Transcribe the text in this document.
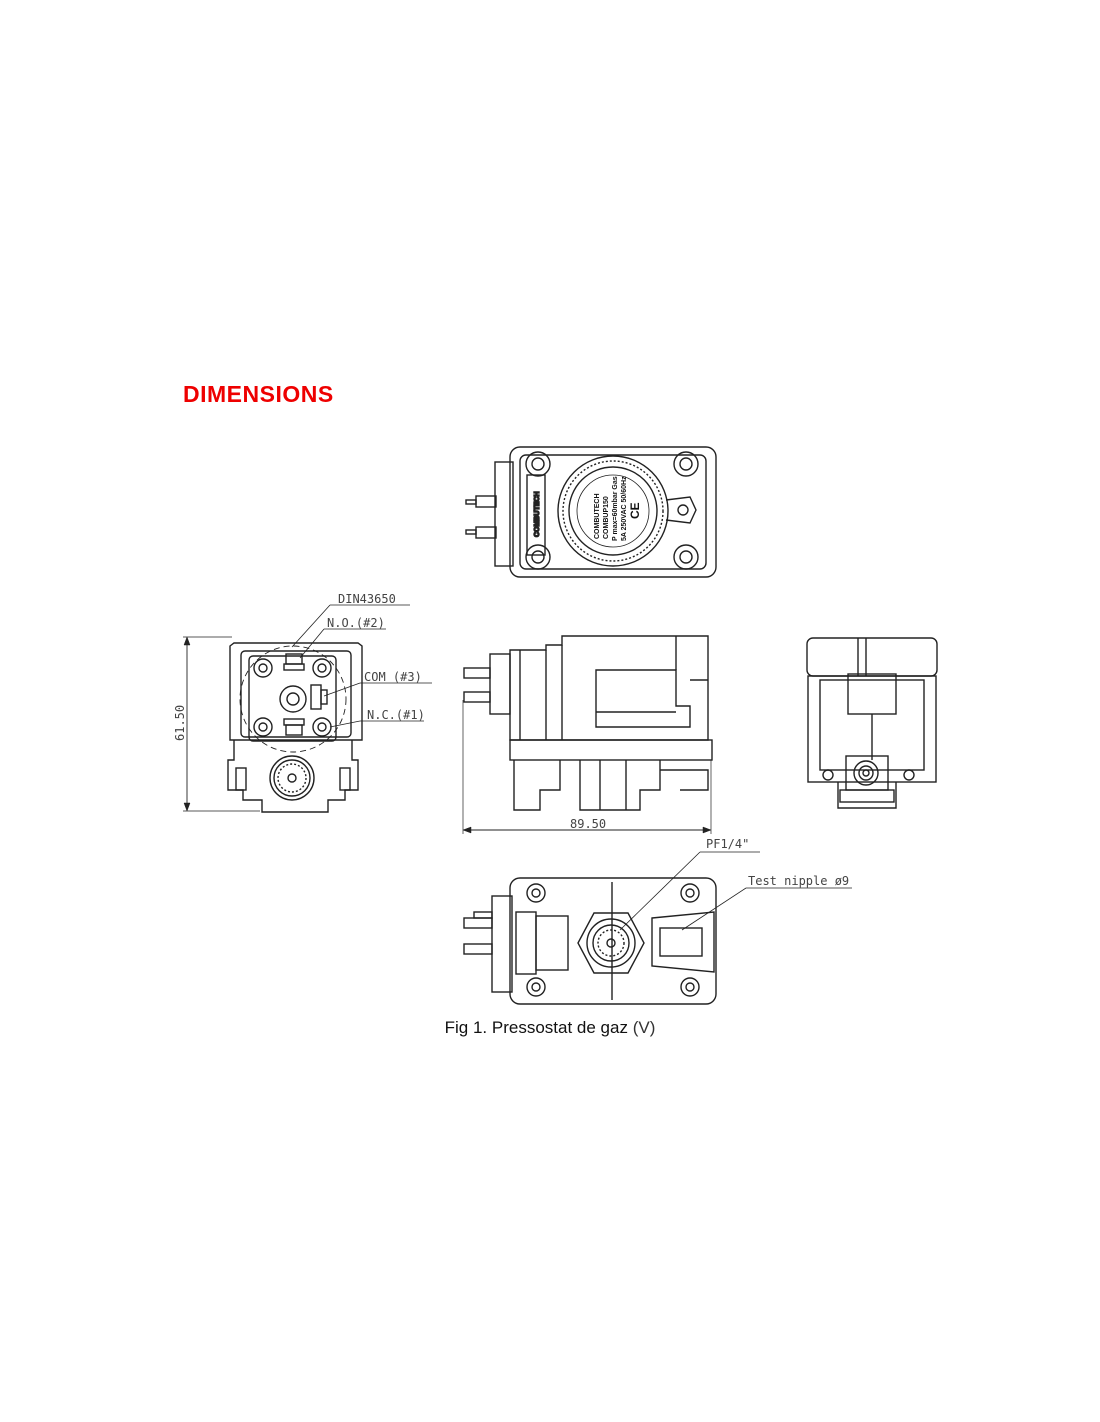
DIMENSIONS
COMBUTECH	COMBUTECH COMBUP150 P max=60mbar Gas 5A 250VAC 50/60Hz CE
DIN43650
N.O.(#2)
COM (#3)
N.C.(#1)
61.50
89.50
PF1/4"
Test nipple ø9
Fig 1. Pressostat de gaz (V)
